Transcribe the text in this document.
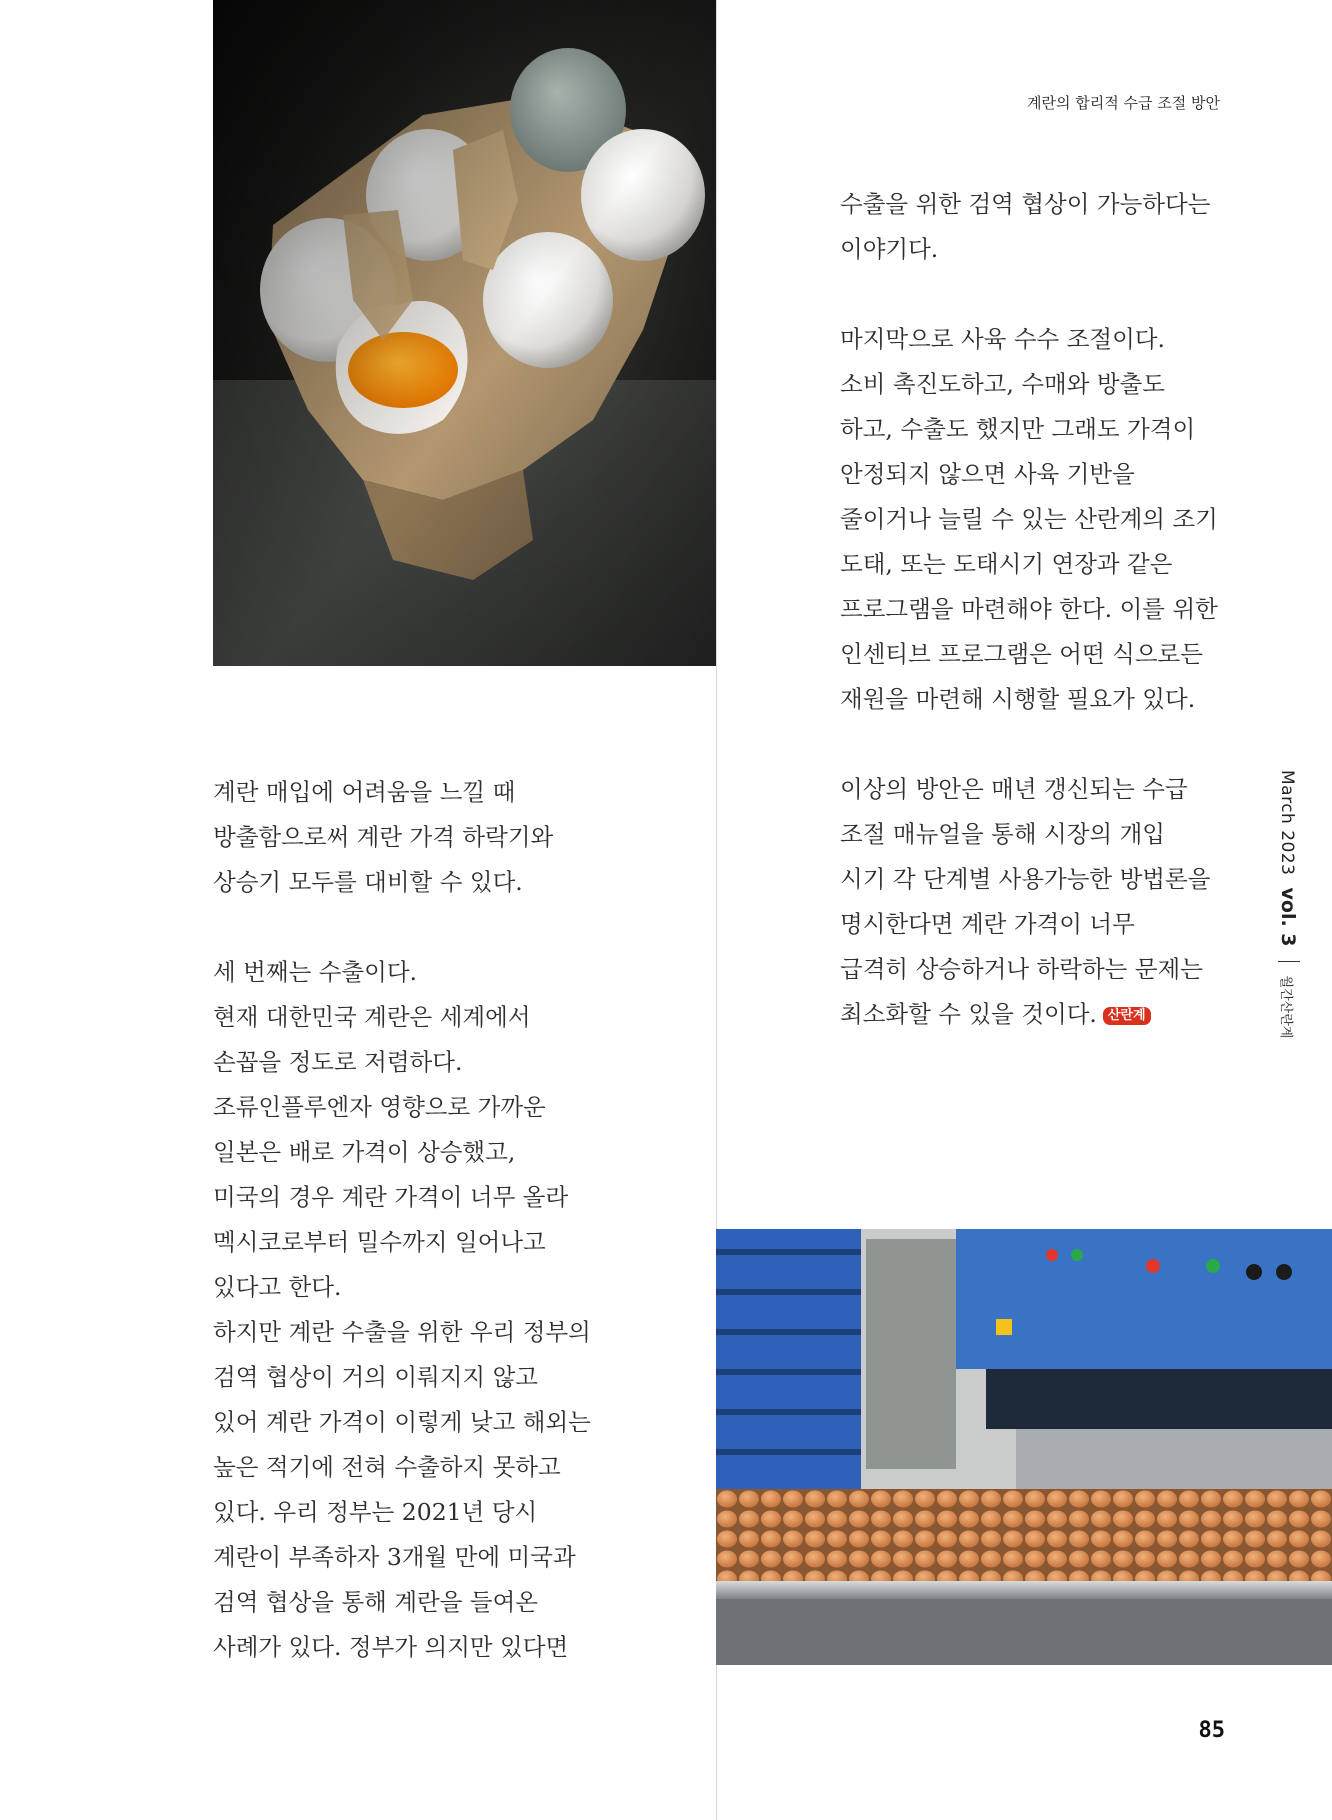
계란의 합리적 수급 조절 방안

계란 매입에 어려움을 느낄 때

방출함으로써 계란 가격 하락기와

상승기 모두를 대비할 수 있다.

세 번째는 수출이다.

현재 대한민국 계란은 세계에서

손꼽을 정도로 저렴하다.

조류인플루엔자 영향으로 가까운

일본은 배로 가격이 상승했고,

미국의 경우 계란 가격이 너무 올라

멕시코로부터 밀수까지 일어나고

있다고 한다.

하지만 계란 수출을 위한 우리 정부의

검역 협상이 거의 이뤄지지 않고

있어 계란 가격이 이렇게 낮고 해외는

높은 적기에 전혀 수출하지 못하고

있다. 우리 정부는 2021년 당시

계란이 부족하자 3개월 만에 미국과

검역 협상을 통해 계란을 들여온

사례가 있다. 정부가 의지만 있다면

수출을 위한 검역 협상이 가능하다는

이야기다.

마지막으로 사육 수수 조절이다.

소비 촉진도하고, 수매와 방출도

하고, 수출도 했지만 그래도 가격이

안정되지 않으면 사육 기반을

줄이거나 늘릴 수 있는 산란계의 조기

도태, 또는 도태시기 연장과 같은

프로그램을 마련해야 한다. 이를 위한

인센티브 프로그램은 어떤 식으로든

재원을 마련해 시행할 필요가 있다.

이상의 방안은 매년 갱신되는 수급

조절 매뉴얼을 통해 시장의 개입

시기 각 단계별 사용가능한 방법론을

명시한다면 계란 가격이 너무

급격히 상승하거나 하락하는 문제는

최소화할 수 있을 것이다. 산란계

March 2023vol. 3월간산란계
85
